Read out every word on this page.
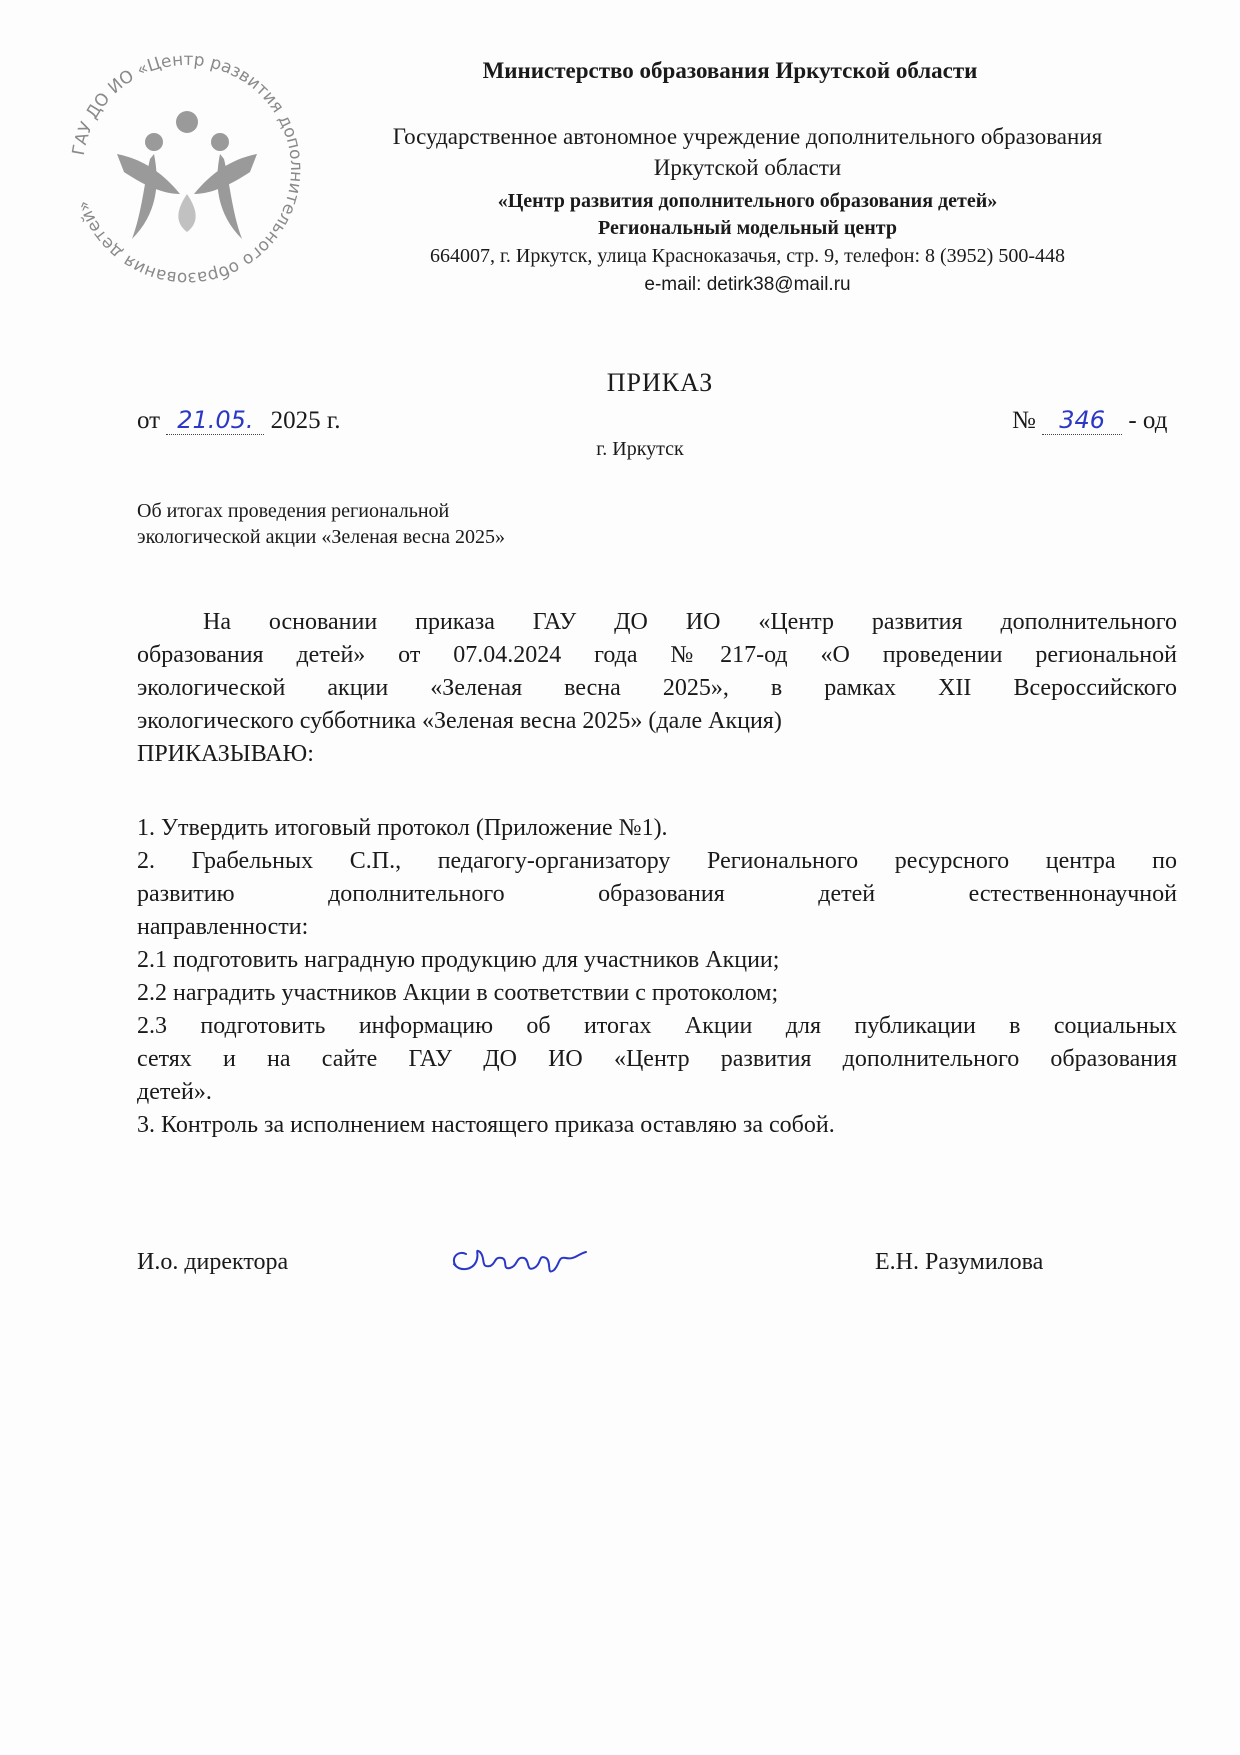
ГАУ ДО ИО «Центр развития дополнительного образования детей»
Министерство образования Иркутской области
Государственное автономное учреждение дополнительного образования
Иркутской области
«Центр развития дополнительного образования детей»
Региональный модельный центр
664007, г. Иркутск, улица Красноказачья, стр. 9, телефон: 8 (3952) 500-448
e-mail: detirk38@mail.ru
ПРИКАЗ
от 21.05. 2025 г.	№ 346 - од
г. Иркутск
Об итогах проведения региональной
экологической акции «Зеленая весна 2025»
На основании приказа ГАУ ДО ИО «Центр развития дополнительного
образования детей» от 07.04.2024 года №217-од «О проведении региональной
экологической акции «Зеленая весна 2025», в рамках XII Всероссийского
экологического субботника «Зеленая весна 2025» (дале Акция)
ПРИКАЗЫВАЮ:
1. Утвердить итоговый протокол (Приложение №1).
2. Грабельных С.П., педагогу-организатору Регионального ресурсного центра по
развитию дополнительного образования детей естественнонаучной
направленности:
2.1 подготовить наградную продукцию для участников Акции;
2.2 наградить участников Акции в соответствии с протоколом;
2.3 подготовить информацию об итогах Акции для публикации в социальных
сетях и на сайте ГАУ ДО ИО «Центр развития дополнительного образования
детей».
3. Контроль за исполнением настоящего приказа оставляю за собой.
И.о. директора	Е.Н. Разумилова
